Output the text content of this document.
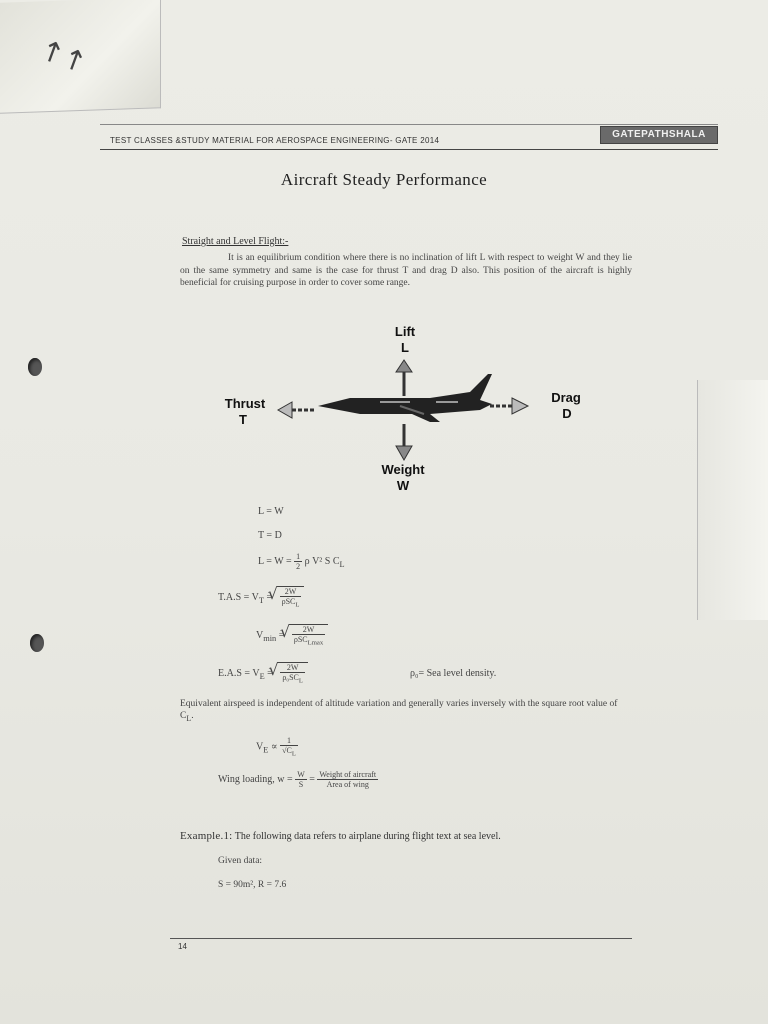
↑↑
TEST CLASSES &STUDY MATERIAL FOR AEROSPACE ENGINEERING- GATE 2014
GATEPATHSHALA
Aircraft Steady Performance
Straight and Level Flight:-
It is an equilibrium condition where there is no inclination of lift L with respect to weight W and they lie on the same symmetry and same is the case for thrust T and drag D also. This position of the aircraft is highly beneficial for cruising purpose in order to cover some range.
Lift
L
Thrust
T
Drag
D
Weight
W
L = W
T = D
$L = W = \frac{1}{2}$ ρ V² S $C_L$
$T.A.S = V_T$ = √ $\frac{2W}{\rho SC_L}$
$V_{min}$ = √ $\frac{2W}{\rho SC_{Lmax}}$
$E.A.S = V_E$ = √ $\frac{2W}{\rho_0SC_L}$	ρ₀= Sea level density.
Equivalent airspeed is independent of altitude variation and generally varies inversely with the square root value of $C_L$.
$V_E \propto \frac{1}{√C_L}$
Wing loading, $w = \frac{W}{S} = \frac{\text{Weight of aircraft}}{\text{Area of wing}}$
Example.1: The following data refers to airplane during flight text at sea level.
Given data:
S = 90m², R = 7.6
14
